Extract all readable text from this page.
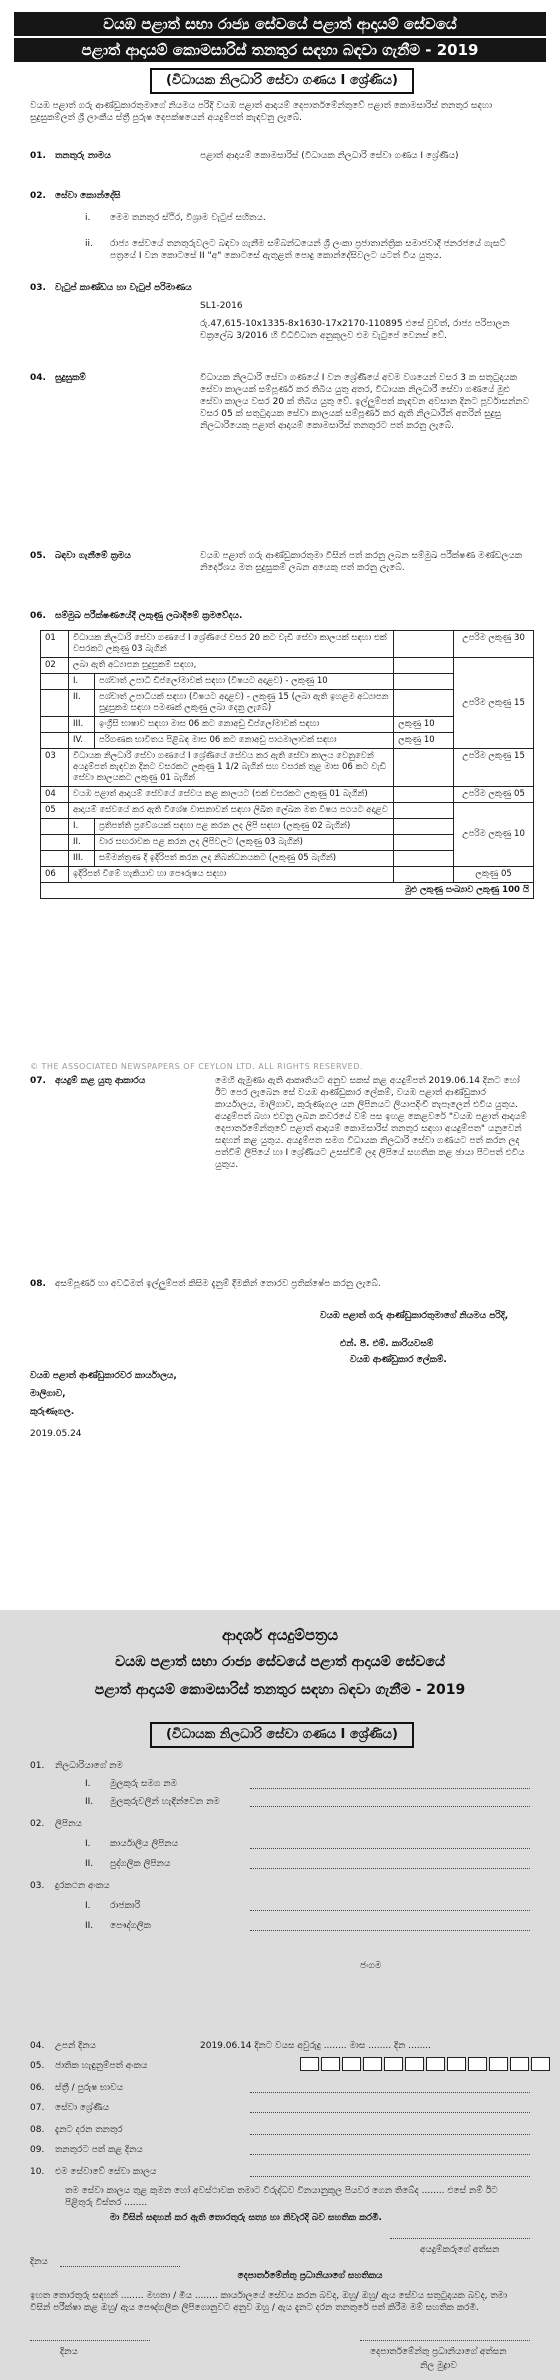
වයඹ පළාත් සභා රාජ්‍ය සේවයේ පළාත් ආදායම් සේවයේ
පළාත් ආදායම් කොමසාරිස් තනතුර සඳහා බඳවා ගැනීම - 2019
(විධායක නිලධාරි සේවා ගණය I ශ්‍රේණිය)
වයඹ පළාත් ගරු ආණ්ඩුකාරතුමාගේ නියමය පරිදි වයඹ පළාත් ආදායම් දෙපාර්තමේන්තුවේ පළාත් කොමසාරිස් තනතුර සඳහා සුදුසුකම්ලත් ශ්‍රී ලාංකීය ස්ත්‍රී පුරුෂ දෙපක්ෂයෙන් අයදුම්පත් කැඳවනු ලැබේ.
01. තනතුරු නාමය	පළාත් ආදායම් කොමසාරිස් (විධායක නිලධාරි සේවා ගණය I ශ්‍රේණිය)
02. සේවා කොන්දේසි
i. මෙම තනතුර ස්ථිර, විශ්‍රාම වැටුප් සහිතය.
ii. රාජ්‍ය සේවයේ තනතුරුවලට බඳවා ගැනීම සම්බන්ධයෙන් ශ්‍රී ලංකා ප්‍රජාතාන්ත්‍රික සමාජවාදී ජනරජයේ ගැසට් පත්‍රයේ I වන කොටසේ II "අ" කොටසේ ඇතුළත් පොදු කොන්දේසිවලට යටත් විය යුතුය.
03. වැටුප් කාණ්ඩය හා වැටුප් පරිමාණය
SL1-2016
රු.47,615-10x1335-8x1630-17x2170-110895 එසේ වුවත්, රාජ්‍ය පරිපාලන චක්‍රලේඛ 3/2016 හි විධිවිධාන අනුකූලව එම වැටුපේ වෙනස් වේ.
04. සුදුසුකම්	විධායක නිලධාරි සේවා ගණයේ I වන ශ්‍රේණියේ අවම වශයෙන් වසර 3 ක සතුටුදායක සේවා කාලයක් සම්පූර්ණ කර තිබිය යුතු අතර, විධායක නිලධාරී සේවා ගණයේ මුළු සේවා කාලය වසර 20 ක් තිබිය යුතු වේ. ඉල්ලුම්පත් කැඳවන අවසාන දිනට පූර්වාසන්නව වසර 05 ක් සතුටුදායක සේවා කාලයක් සම්පූර්ණ කර ඇති නිලධාරීන් අතරින් සුදුසු නිලධාරියෙකු පළාත් ආදායම් කොමසාරිස් තනතුරට පත් කරනු ලැබේ.
05. බඳවා ගැනීමේ ක්‍රමය	වයඹ පළාත් ගරු ආණ්ඩුකාරතුමා විසින් පත් කරනු ලබන සම්මුඛ පරීක්ෂණ මණ්ඩලයක නිර්දේශය මත සුදුසුකම් ලබන අයෙකු පත් කරනු ලැබේ.
06. සම්මුඛ පරීක්ෂණයේදී ලකුණු ලබාදීමේ ක්‍රමවේදය.
01	විධායක නිලධාරි සේවා ගණයේ I ශ්‍රේණියේ වසර 20 කට වැඩි සේවා කාලයක් සඳහා එක් වසරකට ලකුණු 03 බැගින්			උපරිම ලකුණු 30
02	ලබා ඇති අධ්‍යාපන සුදුසුකම් සඳහා,			උපරිම ලකුණු 15
	I.	පශ්චාත් උපාධි ඩිප්ලෝමාවක් සඳහා (විෂයට අදාළව) - ලකුණු 10		
	II.	පශ්චාත් උපාධියක් සඳහා (විෂයට අදාළව) - ලකුණු 15 (ලබා ඇති ඉහළම අධ්‍යාපන සුදුසුකම සඳහා පමණක් ලකුණු ලබා දෙනු ලැබේ)		
	III.	ඉංග්‍රීසි භාෂාව සඳහා මාස 06 කට නොඅඩු ඩිප්ලෝමාවක් සඳහා	ලකුණු 10	
	IV.	පරිගණක භාවිතය පිළිබඳ මාස 06 කට නොඅඩු පාඨමාලාවක් සඳහා	ලකුණු 10	
03	විධායක නිලධාරි සේවා ගණයේ I ශ්‍රේණියේ සේවය කර ඇති සේවා කාලය වෙනුවෙන් අයදුම්පත් කැඳවන දිනට වසරකට ලකුණු 1 1/2 බැගින් සහ වසරක් තුළ මාස 06 කට වැඩි සේවා කාලයකට ලකුණු 01 බැගින්			උපරිම ලකුණු 15
04	වයඹ පළාත් ආදායම් සේවයේ සේවය කළ කාලයට (එක් වසරකට ලකුණු 01 බැගින්)			උපරිම ලකුණු 05
05	ආදායම් සේවයේ කර ඇති විශේෂ වාසනාවන් සඳහා ලිඛිත ලේඛන මත විෂය පථයට අදාළව			උපරිම ලකුණු 10
	I.	ප්‍රතිපත්ති ප්‍රවේශයක් සඳහා පළ කරන ලද ලිපි සඳහා (ලකුණු 02 බැගින්)		
	II.	වාර සඟරාවක පළ කරන ලද ලිපිවලට (ලකුණු 03 බැගින්)		
	III.	සම්මන්ත්‍රණ දී ඉදිරිපත් කරන ලද නිබන්ධනයකට (ලකුණු 05 බැගින්)		
06	ඉදිරිපත් වීමේ හැකියාව හා පෞරුෂය සඳහා			ලකුණු 05
මුළු ලකුණු සංඛ්‍යාව ලකුණු 100 යි				
© THE ASSOCIATED NEWSPAPERS OF CEYLON LTD. ALL RIGHTS RESERVED.
07. අයදුම් කළ යුතු ආකාරය	මෙහි ඇමුණා ඇති ආකෘතියට අනුව සකස් කළ අයදුම්පත් 2019.06.14 දිනට හෝ ඊට පෙර ලැබෙන සේ වයඹ ආණ්ඩුකාර ලේකම්, වයඹ පළාත් ආණ්ඩුකාර කාර්යාලය, මාලිගාව, කුරුණෑගල යන ලිපිනයට ලියාපදිංචි තැපෑලෙන් එවිය යුතුය. අයදුම්පත් බහා එවනු ලබන කවරයේ වම් පස ඉහළ කෙළවරේ "වයඹ පළාත් ආදායම් දෙපාර්තමේන්තුවේ පළාත් ආදායම් කොමසාරිස් තනතුර සඳහා අයදුම්පත" යනුවෙන් සඳහන් කළ යුතුය. අයදුම්පත සමග විධායක නිලධාරි සේවා ගණයට පත් කරන ලද පත්වීම් ලිපියේ හා I ශ්‍රේණියට උසස්වීම් ලද ලිපියේ සහතික කළ ඡායා පිටපත් එවිය යුතුය.
08. අසම්පූර්ණ හා අවධිමත් ඉල්ලුම්පත් කිසිම දැනුම් දීමකින් තොරව ප්‍රතික්ෂේප කරනු ලැබේ.
වයඹ පළාත් ගරු ආණ්ඩුකාරතුමාගේ නියමය පරිදි,
එන්. පී. එම්. කාරියවසම්
වයඹ ආණ්ඩුකාර ලේකම්.
වයඹ පළාත් ආණ්ඩුකාරවර කාර්යාලය,
මාලිගාව,
කුරුණෑගල.
2019.05.24
ආදර්ශ අයදුම්පත්‍රය
වයඹ පළාත් සභා රාජ්‍ය සේවයේ පළාත් ආදායම් සේවයේ
පළාත් ආදායම් කොමසාරිස් තනතුර සඳහා බඳවා ගැනීම - 2019
(විධායක නිලධාරි සේවා ගණය I ශ්‍රේණිය)
01. නිලධාරියාගේ නම
I. මුලකුරු සමග නම
II. මුලකුරුවලින් හැඳින්වෙන නම
02. ලිපිනය
I. කාර්යාලීය ලිපිනය
II. පුද්ගලික ලිපිනය
03. දුරකථන අංකය
I. රාජකාරි
II. පෞද්ගලික
04. උපන් දිනය
05. ජාතික හැඳුනුම්පත් අංකය
06. ස්ත්‍රී / පුරුෂ භාවය
07. සේවා ශ්‍රේණිය
08. දැනට දරන තනතුර
09. තනතුරට පත් කළ දිනය
10. එම සේවාවේ සේවා කාලය
ජංගම
2019.06.14 දිනට වයස අවුරුදු ........ මාස ........ දින ........
තම සේවා කාලය තුළ කුමන හෝ අවස්ථාවක තමාට විරුද්ධව විනයානුකූල පියවර ගෙන තිබේද ........ එසේ නම් ඊට පිළිතුරු විස්තර ........
මා විසින් සඳහන් කර ඇති තොරතුරු සත්‍ය හා නිවැරදි බව සහතික කරමි.
අයදුම්කරුගේ අත්සන
දිනය
දෙපාර්තමේන්තු ප්‍රධානියාගේ සහතිකය
ඉහත තොරතුරු සඳහන් ........ මහතා / මිය ........ කාර්යාලයේ සේවය කරන බවද, ඔහු/ ඔහු/ ඇය සේවය සතුටුදායක බවද, තමා විසින් පරීක්ෂා කළ ඔහු/ ඇය පෞද්ගලික ලිපිගොනුවට අනුව ඔහු / ඇය දැනට දරන තනතුරේ පත් කිරීම මම් සහතික කරමි.
දිනය	දෙපාර්තමේන්තු ප්‍රධානියාගේ අත්සන
නිල මුද්‍රාව
